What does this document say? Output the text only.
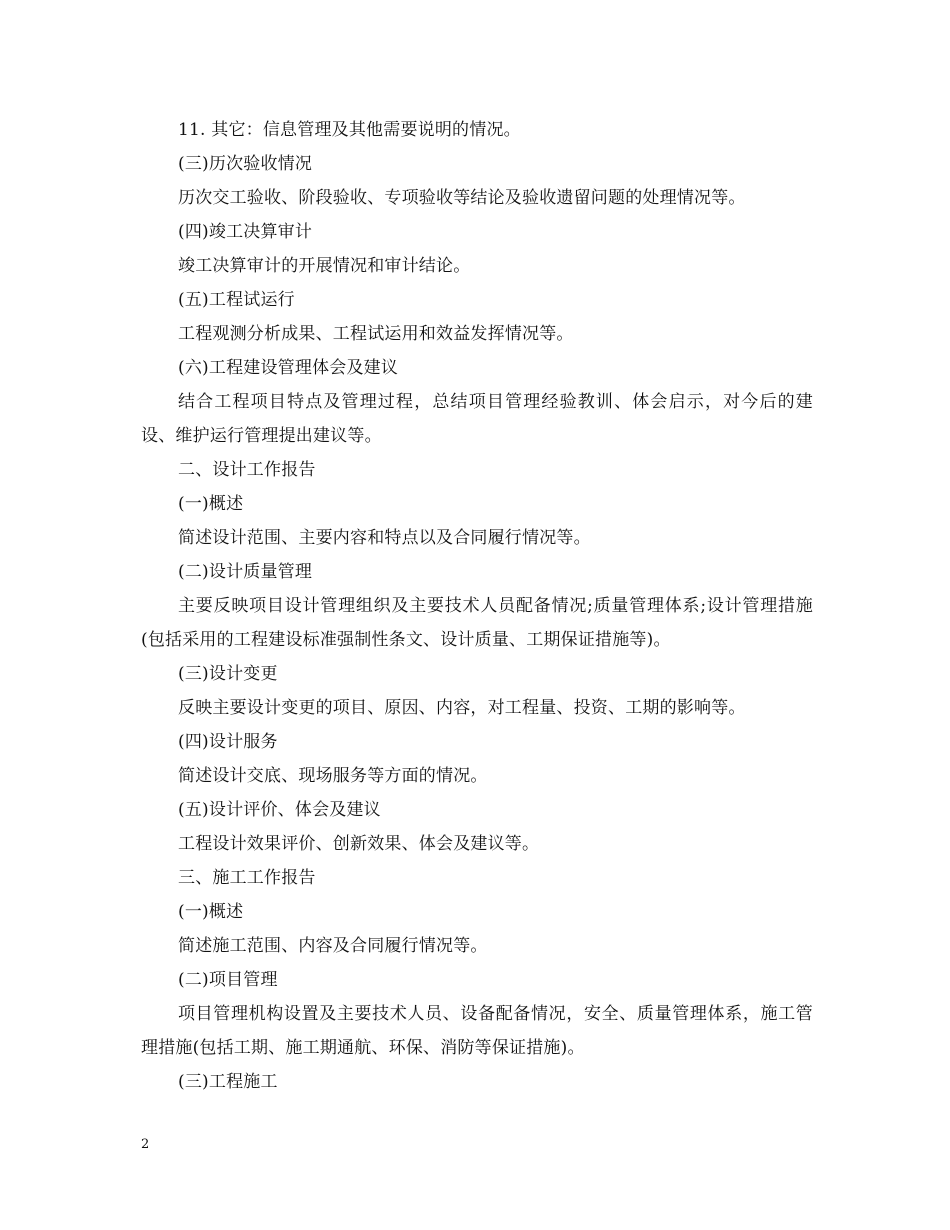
11. 其它：信息管理及其他需要说明的情况。
(三)历次验收情况
历次交工验收、阶段验收、专项验收等结论及验收遗留问题的处理情况等。
(四)竣工决算审计
竣工决算审计的开展情况和审计结论。
(五)工程试运行
工程观测分析成果、工程试运用和效益发挥情况等。
(六)工程建设管理体会及建议
结合工程项目特点及管理过程，总结项目管理经验教训、体会启示，对今后的建设、维护运行管理提出建议等。
二、设计工作报告
(一)概述
简述设计范围、主要内容和特点以及合同履行情况等。
(二)设计质量管理
主要反映项目设计管理组织及主要技术人员配备情况;质量管理体系;设计管理措施(包括采用的工程建设标准强制性条文、设计质量、工期保证措施等)。
(三)设计变更
反映主要设计变更的项目、原因、内容，对工程量、投资、工期的影响等。
(四)设计服务
简述设计交底、现场服务等方面的情况。
(五)设计评价、体会及建议
工程设计效果评价、创新效果、体会及建议等。
三、施工工作报告
(一)概述
简述施工范围、内容及合同履行情况等。
(二)项目管理
项目管理机构设置及主要技术人员、设备配备情况，安全、质量管理体系，施工管理措施(包括工期、施工期通航、环保、消防等保证措施)。
(三)工程施工
2
